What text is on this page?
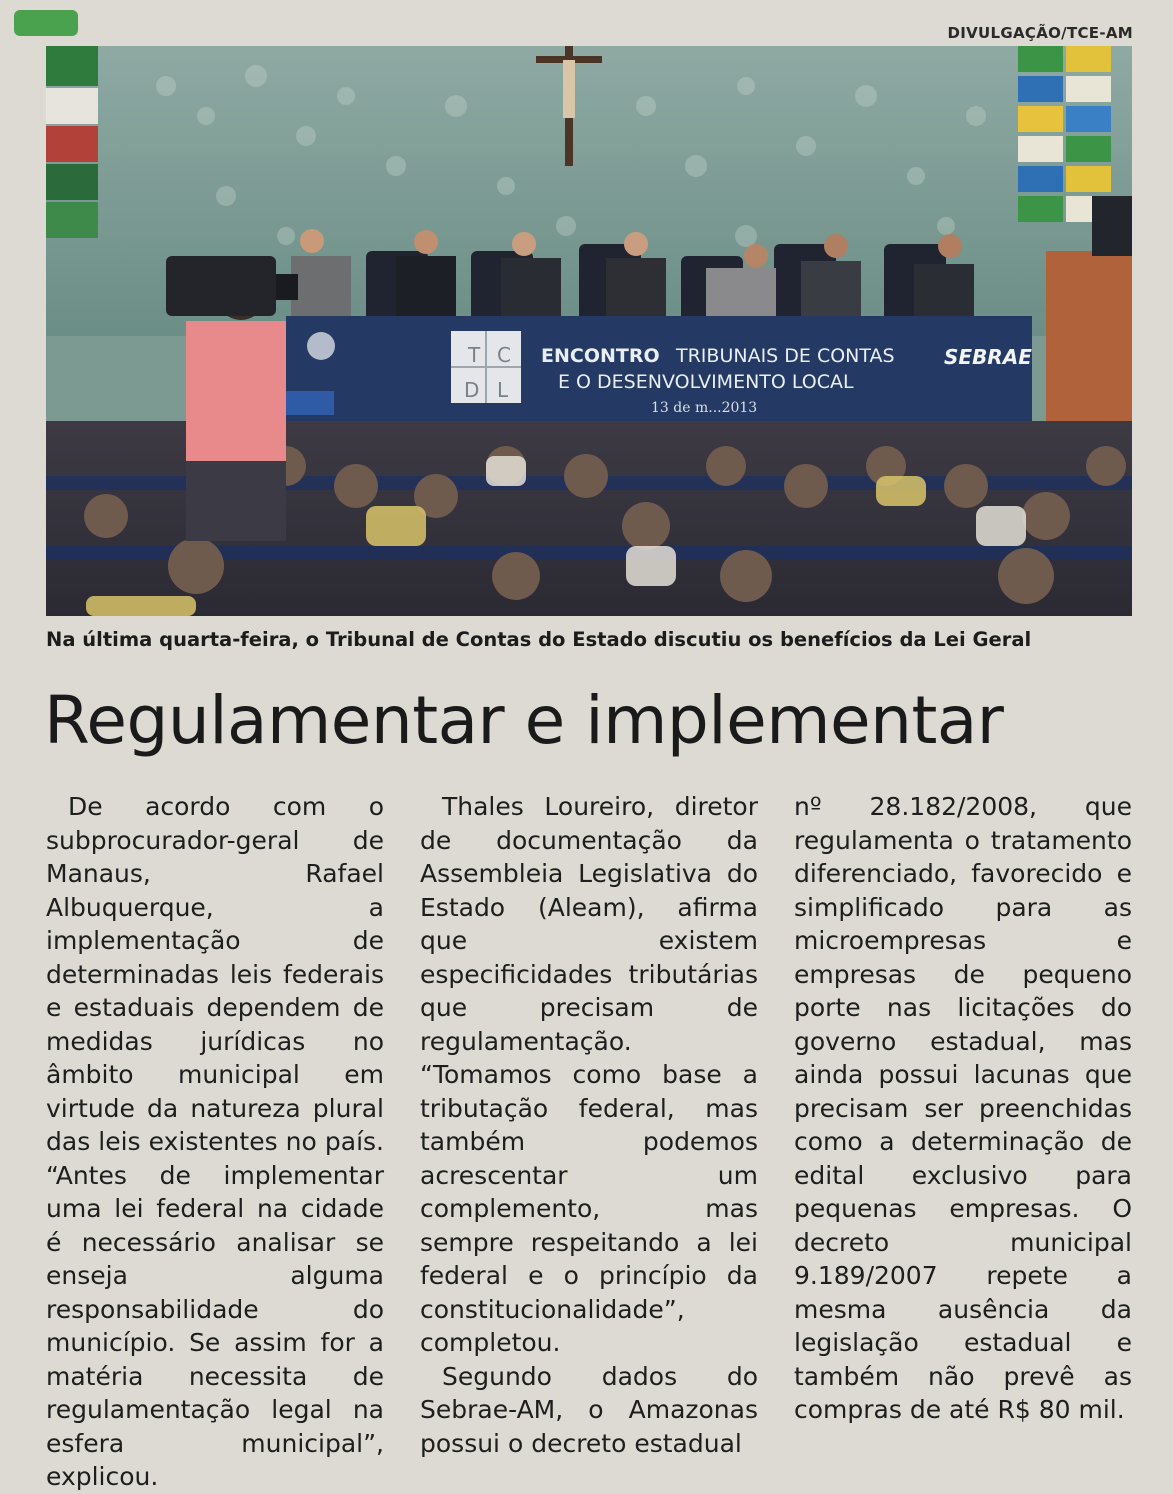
DIVULGAÇÃO/TCE-AM
T C
D L
ENCONTRO TRIBUNAIS DE CONTAS
E O DESENVOLVIMENTO LOCAL
13 de m...2013
SEBRAE
Na última quarta-feira, o Tribunal de Contas do Estado discutiu os benefícios da Lei Geral
Regulamentar e implementar

De acordo com o subprocurador-geral de Manaus, Rafael Albuquerque, a implementação de determinadas leis federais e estaduais dependem de medidas jurídicas no âmbito municipal em virtude da natureza plural das leis existentes no país. “Antes de implementar uma lei federal na cidade é necessário analisar se enseja alguma responsabilidade do município. Se assim for a matéria necessita de regulamentação legal na esfera municipal”, explicou.

Thales Loureiro, diretor de documentação da Assembleia Legislativa do Estado (Aleam), afirma que existem especificidades tributárias que precisam de regulamentação. “Tomamos como base a tributação federal, mas também podemos acrescentar um complemento, mas sempre respeitando a lei federal e o princípio da constitucionalidade”, completou.

Segundo dados do Sebrae-AM, o Amazonas possui o decreto estadual

nº 28.182/2008, que regulamenta o tratamento diferenciado, favorecido e simplificado para as microempresas e empresas de pequeno porte nas licitações do governo estadual, mas ainda possui lacunas que precisam ser preenchidas como a determinação de edital exclusivo para pequenas empresas. O decreto municipal 9.189/2007 repete a mesma ausência da legislação estadual e também não prevê as compras de até R$ 80 mil.
